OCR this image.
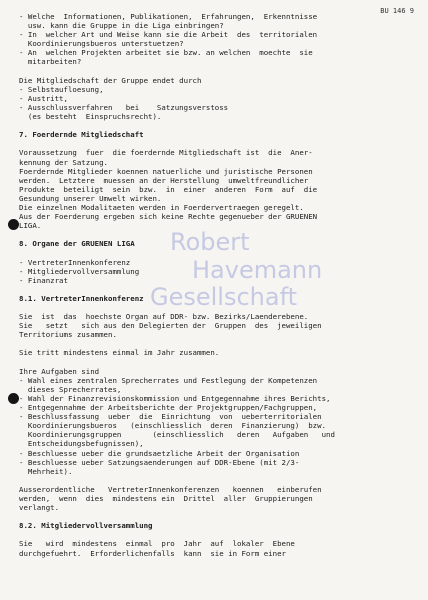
BU 146 9
- Welche  Informationen, Publikationen,  Erfahrungen,  Erkenntnisse
usw. kann die Gruppe in die Liga einbringen?
- In  welcher Art und Weise kann sie die Arbeit  des  territorialen
Koordinierungsbueros unterstuetzen?
- An  welchen Projekten arbeitet sie bzw. an welchen  moechte  sie
mitarbeiten?
Die Mitgliedschaft der Gruppe endet durch
- Selbstaufloesung,
- Austritt,
- Ausschlussverfahren   bei    Satzungsverstoss
(es besteht  Einspruchsrecht).
7. Foerdernde Mitgliedschaft
Voraussetzung  fuer  die foerdernde Mitgliedschaft ist  die  Aner-
kennung der Satzung.
Foerdernde Mitglieder koennen natuerliche und juristische Personen
werden.  Letztere  muessen an der Herstellung  umweltfreundlicher
Produkte  beteiligt  sein  bzw.  in  einer  anderen  Form  auf  die
Gesundung unserer Umwelt wirken.
Die einzelnen Modalitaeten werden in Foerdervertraegen geregelt.
Aus der Foerderung ergeben sich keine Rechte gegenueber der GRUENEN
LIGA.
8. Organe der GRUENEN LIGA
- VertreterInnenkonferenz
- Mitgliedervollversammlung
- Finanzrat
8.1. VertreterInnenkonferenz
Sie  ist  das  hoechste Organ auf DDR- bzw. Bezirks/Laenderebene.
Sie   setzt   sich aus den Delegierten der  Gruppen  des  jeweiligen
Territoriums zusammen.
Sie tritt mindestens einmal im Jahr zusammen.
Ihre Aufgaben sind
- Wahl eines zentralen Sprecherrates und Festlegung der Kompetenzen
dieses Sprecherrates,
- Wahl der Finanzrevisionskommission und Entgegennahme ihres Berichts,
- Entgegennahme der Arbeitsberichte der Projektgruppen/Fachgruppen,
- Beschlussfassung  ueber  die  Einrichtung  von  ueberterritorialen
Koordinierungsbueros   (einschliesslich  deren  Finanzierung)  bzw.
Koordinierungsgruppen       (einschliesslich   deren   Aufgaben   und
Entscheidungsbefugnissen),
- Beschluesse ueber die grundsaetzliche Arbeit der Organisation
- Beschluesse ueber Satzungsaenderungen auf DDR-Ebene (mit 2/3-
Mehrheit).
Ausserordentliche   VertreterInnenkonferenzen   koennen   einberufen
werden,  wenn  dies  mindestens ein  Drittel  aller  Gruppierungen
verlangt.
8.2. Mitgliedervollversammlung
Sie   wird  mindestens  einmal  pro  Jahr  auf  lokaler  Ebene
durchgefuehrt.  Erforderlichenfalls  kann  sie in Form einer
Robert
Havemann
Gesellschaft
